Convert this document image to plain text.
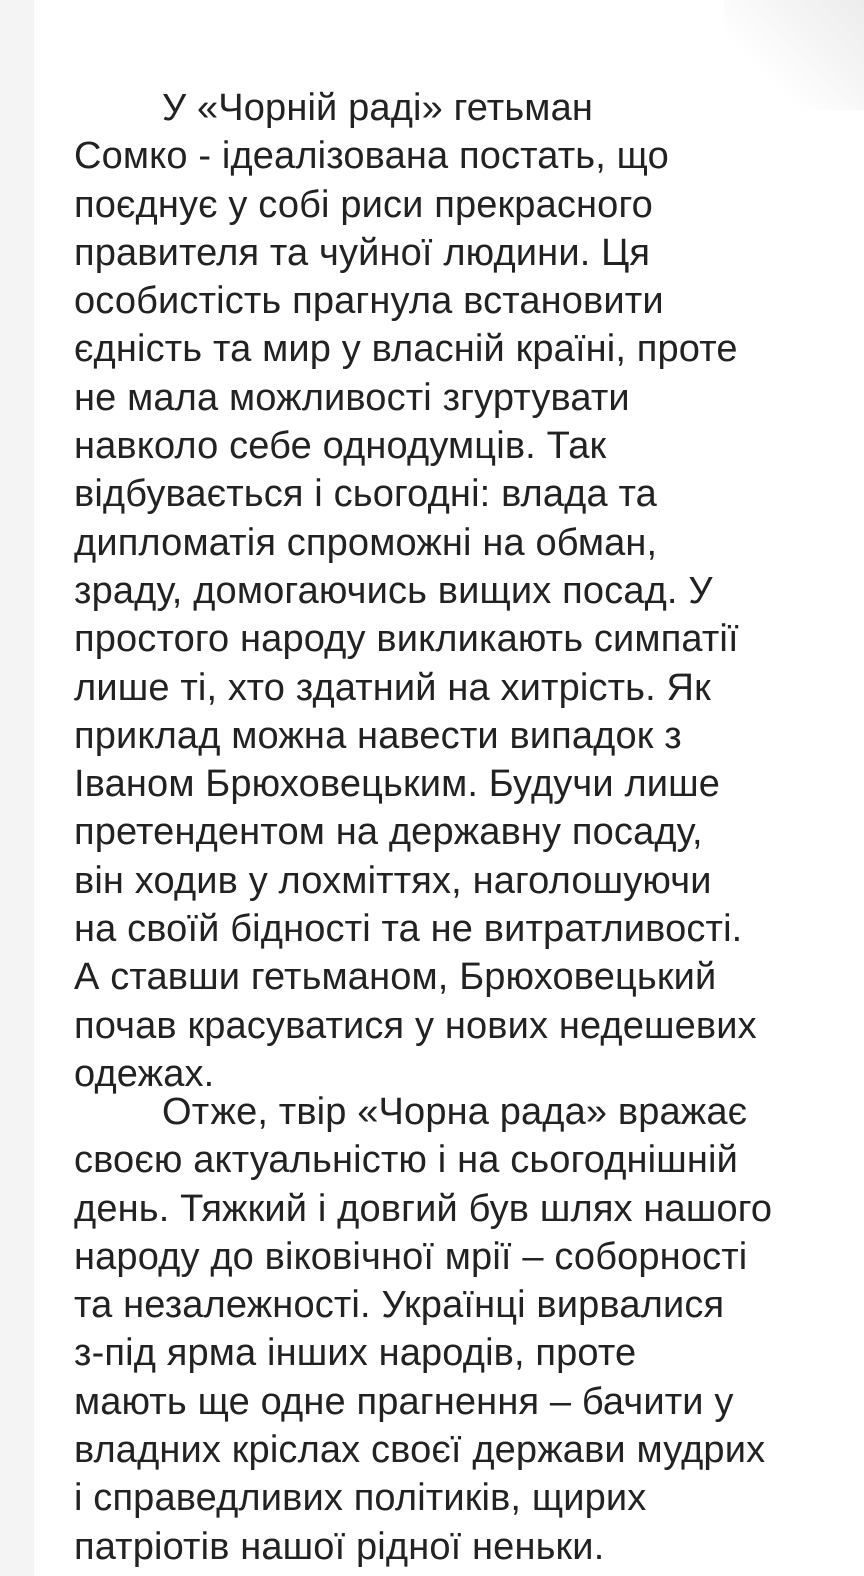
У «Чорній раді» гетьман
Сомко - ідеалізована постать, що
поєднує у собі риси прекрасного
правителя та чуйної людини. Ця
особистість прагнула встановити
єдність та мир у власній країні, проте
не мала можливості згуртувати
навколо себе однодумців. Так
відбувається і сьогодні: влада та
дипломатія спроможні на обман,
зраду, домогаючись вищих посад. У
простого народу викликають симпатії
лише ті, хто здатний на хитрість. Як
приклад можна навести випадок з
Іваном Брюховецьким. Будучи лише
претендентом на державну посаду,
він ходив у лохміттях, наголошуючи
на своїй бідності та не витратливості.
А ставши гетьманом, Брюховецький
почав красуватися у нових недешевих
одежах.
Отже, твір «Чорна рада» вражає
своєю актуальністю і на сьогоднішній
день. Тяжкий і довгий був шлях нашого
народу до віковічної мрії – соборності
та незалежності. Українці вирвалися
з-під ярма інших народів, проте
мають ще одне прагнення – бачити у
владних кріслах своєї держави мудрих
і справедливих політиків, щирих
патріотів нашої рідної неньки.
